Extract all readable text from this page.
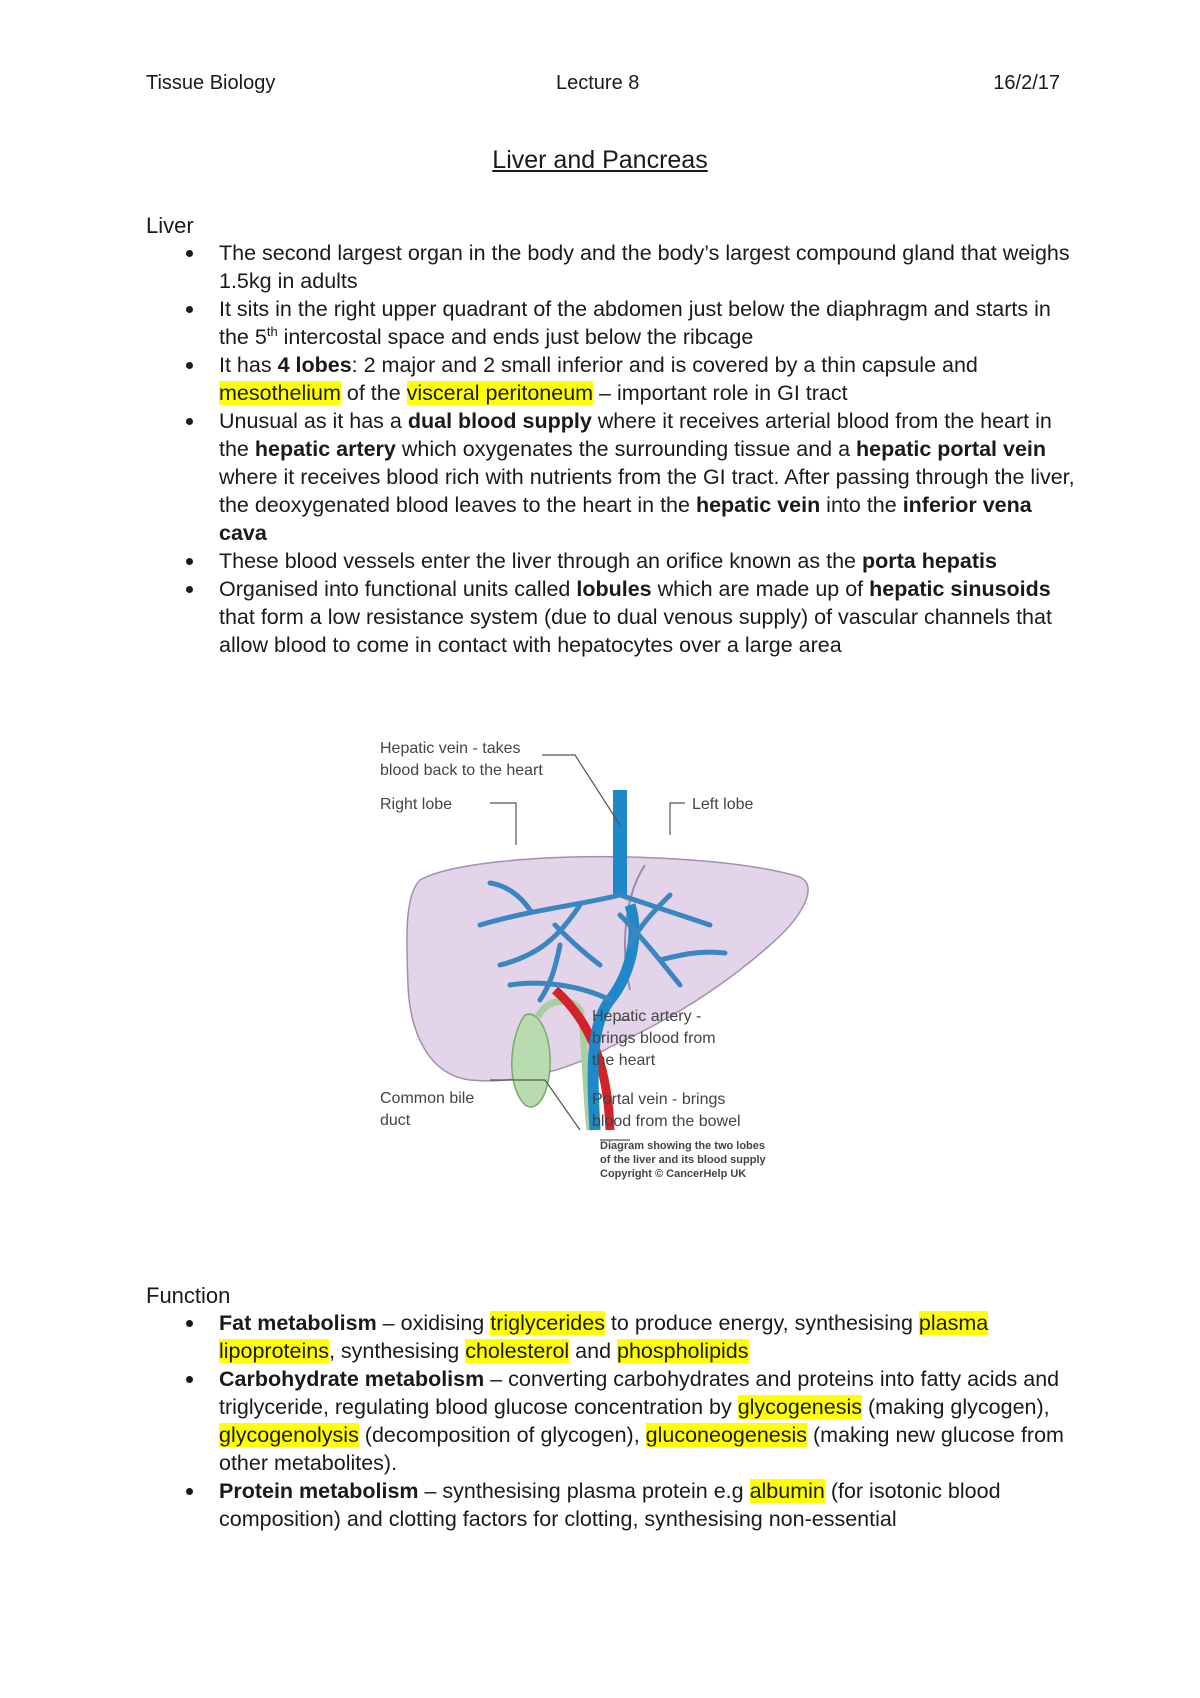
Tissue Biology	Lecture 8	16/2/17
Liver and Pancreas
Liver
The second largest organ in the body and the body’s largest compound gland that weighs 1.5kg in adults
It sits in the right upper quadrant of the abdomen just below the diaphragm and starts in the 5th intercostal space and ends just below the ribcage
It has 4 lobes: 2 major and 2 small inferior and is covered by a thin capsule and mesothelium of the visceral peritoneum – important role in GI tract
Unusual as it has a dual blood supply where it receives arterial blood from the heart in the hepatic artery which oxygenates the surrounding tissue and a hepatic portal vein where it receives blood rich with nutrients from the GI tract. After passing through the liver, the deoxygenated blood leaves to the heart in the hepatic vein into the inferior vena cava
These blood vessels enter the liver through an orifice known as the porta hepatis
Organised into functional units called lobules which are made up of hepatic sinusoids that form a low resistance system (due to dual venous supply) of vascular channels that allow blood to come in contact with hepatocytes over a large area
Hepatic vein - takes
blood back to the heart
Right lobe	Left lobe
Hepatic artery -
brings blood from
the heart
Common bile
duct
Portal vein - brings
blood from the bowel
Diagram showing the two lobes
of the liver and its blood supply
Copyright © CancerHelp UK
Function
Fat metabolism – oxidising triglycerides to produce energy, synthesising plasma lipoproteins, synthesising cholesterol and phospholipids
Carbohydrate metabolism – converting carbohydrates and proteins into fatty acids and triglyceride, regulating blood glucose concentration by glycogenesis (making glycogen), glycogenolysis (decomposition of glycogen), gluconeogenesis (making new glucose from other metabolites).
Protein metabolism – synthesising plasma protein e.g albumin (for isotonic blood composition) and clotting factors for clotting, synthesising non-essential
